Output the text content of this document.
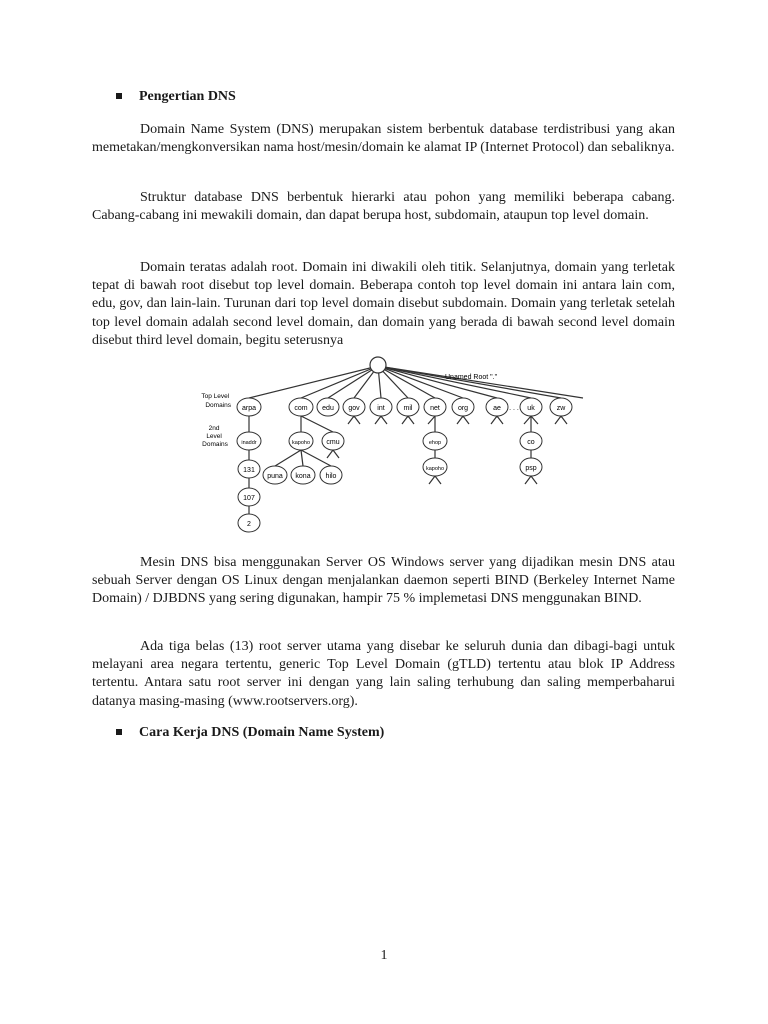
Pengertian DNS

Domain Name System (DNS) merupakan sistem berbentuk database terdistribusi yang akan memetakan/mengkonversikan nama host/mesin/domain ke alamat IP (Internet Protocol) dan sebaliknya.

Struktur database DNS berbentuk hierarki atau pohon yang memiliki beberapa cabang. Cabang-cabang ini mewakili domain, dan dapat berupa host, subdomain, ataupun top level domain.

Domain teratas adalah root. Domain ini diwakili oleh titik. Selanjutnya, domain yang terletak tepat di bawah root disebut top level domain. Beberapa contoh top level domain ini antara lain com, edu, gov, dan lain-lain. Turunan dari top level domain disebut subdomain. Domain yang terletak setelah top level domain adalah second level domain, dan domain yang berada di bawah second level domain disebut third level domain, begitu seterusnya

Unamed Root "."
Top Level Domains
2nd Level Domains
arpa	com edu gov	int	mil	net	org	ae . . . uk	zw
inaddr
131
107
2
kapoho cmu
puna kona hilo
ehop
kapoho
co
psp

Mesin DNS bisa menggunakan Server OS Windows server yang dijadikan mesin DNS atau sebuah Server dengan OS Linux dengan menjalankan daemon seperti BIND (Berkeley Internet Name Domain) / DJBDNS yang sering digunakan, hampir 75 % implemetasi DNS menggunakan BIND.

Ada tiga belas (13) root server utama yang disebar ke seluruh dunia dan dibagi-bagi untuk melayani area negara tertentu, generic Top Level Domain (gTLD) tertentu atau blok IP Address tertentu. Antara satu root server ini dengan yang lain saling terhubung dan saling memperbaharui datanya masing-masing (www.rootservers.org).

Cara Kerja DNS (Domain Name System)
1
